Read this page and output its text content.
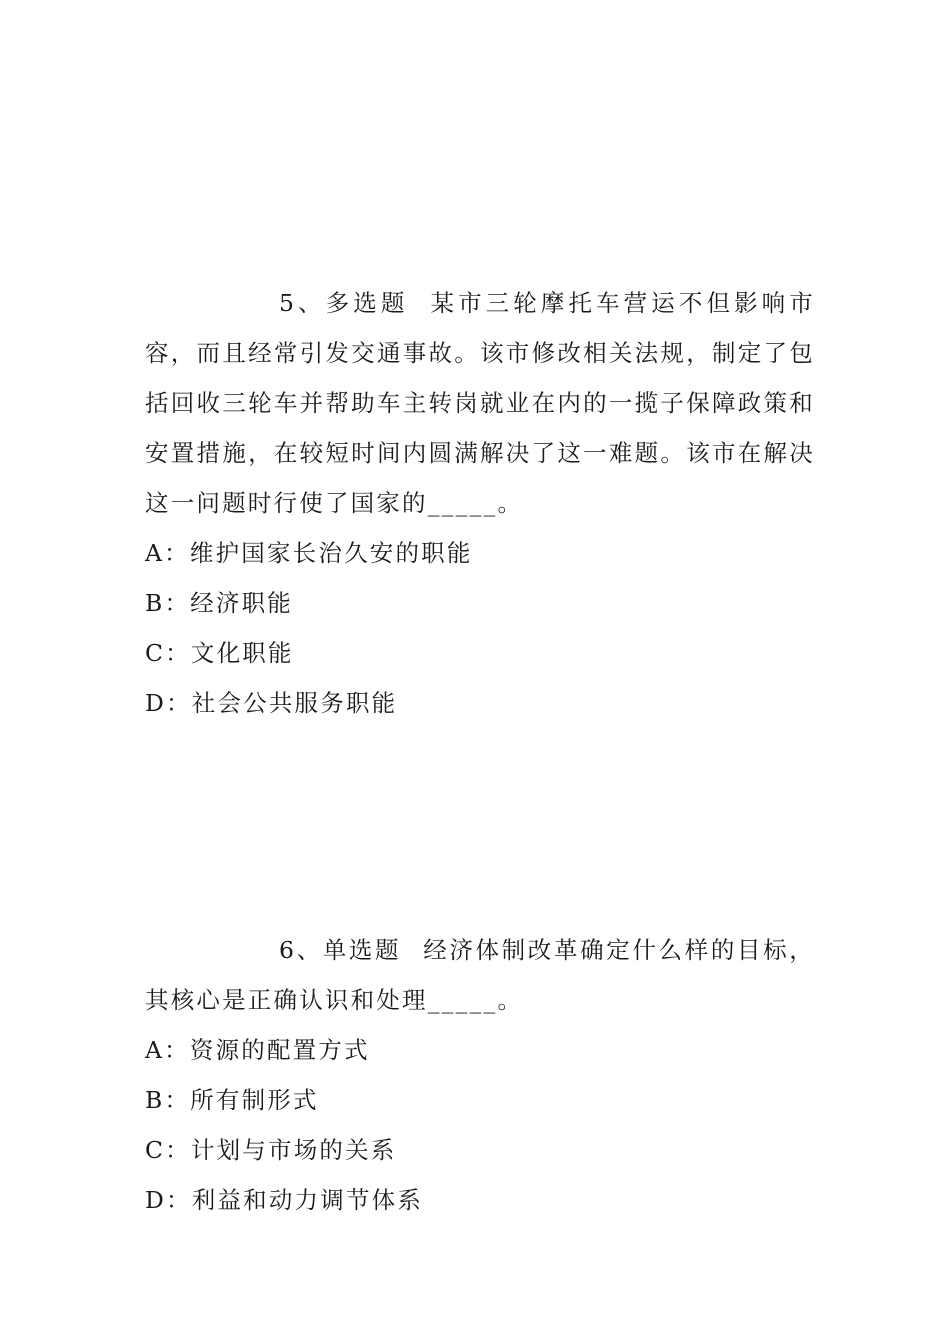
5、多选题 某市三轮摩托车营运不但影响市容，而且经常引发交通事故。该市修改相关法规，制定了包括回收三轮车并帮助车主转岗就业在内的一揽子保障政策和安置措施，在较短时间内圆满解决了这一难题。该市在解决这一问题时行使了国家的_____。

A：维护国家长治久安的职能
B：经济职能
C：文化职能
D：社会公共服务职能

6、单选题 经济体制改革确定什么样的目标，其核心是正确认识和处理_____。

A：资源的配置方式
B：所有制形式
C：计划与市场的关系
D：利益和动力调节体系
